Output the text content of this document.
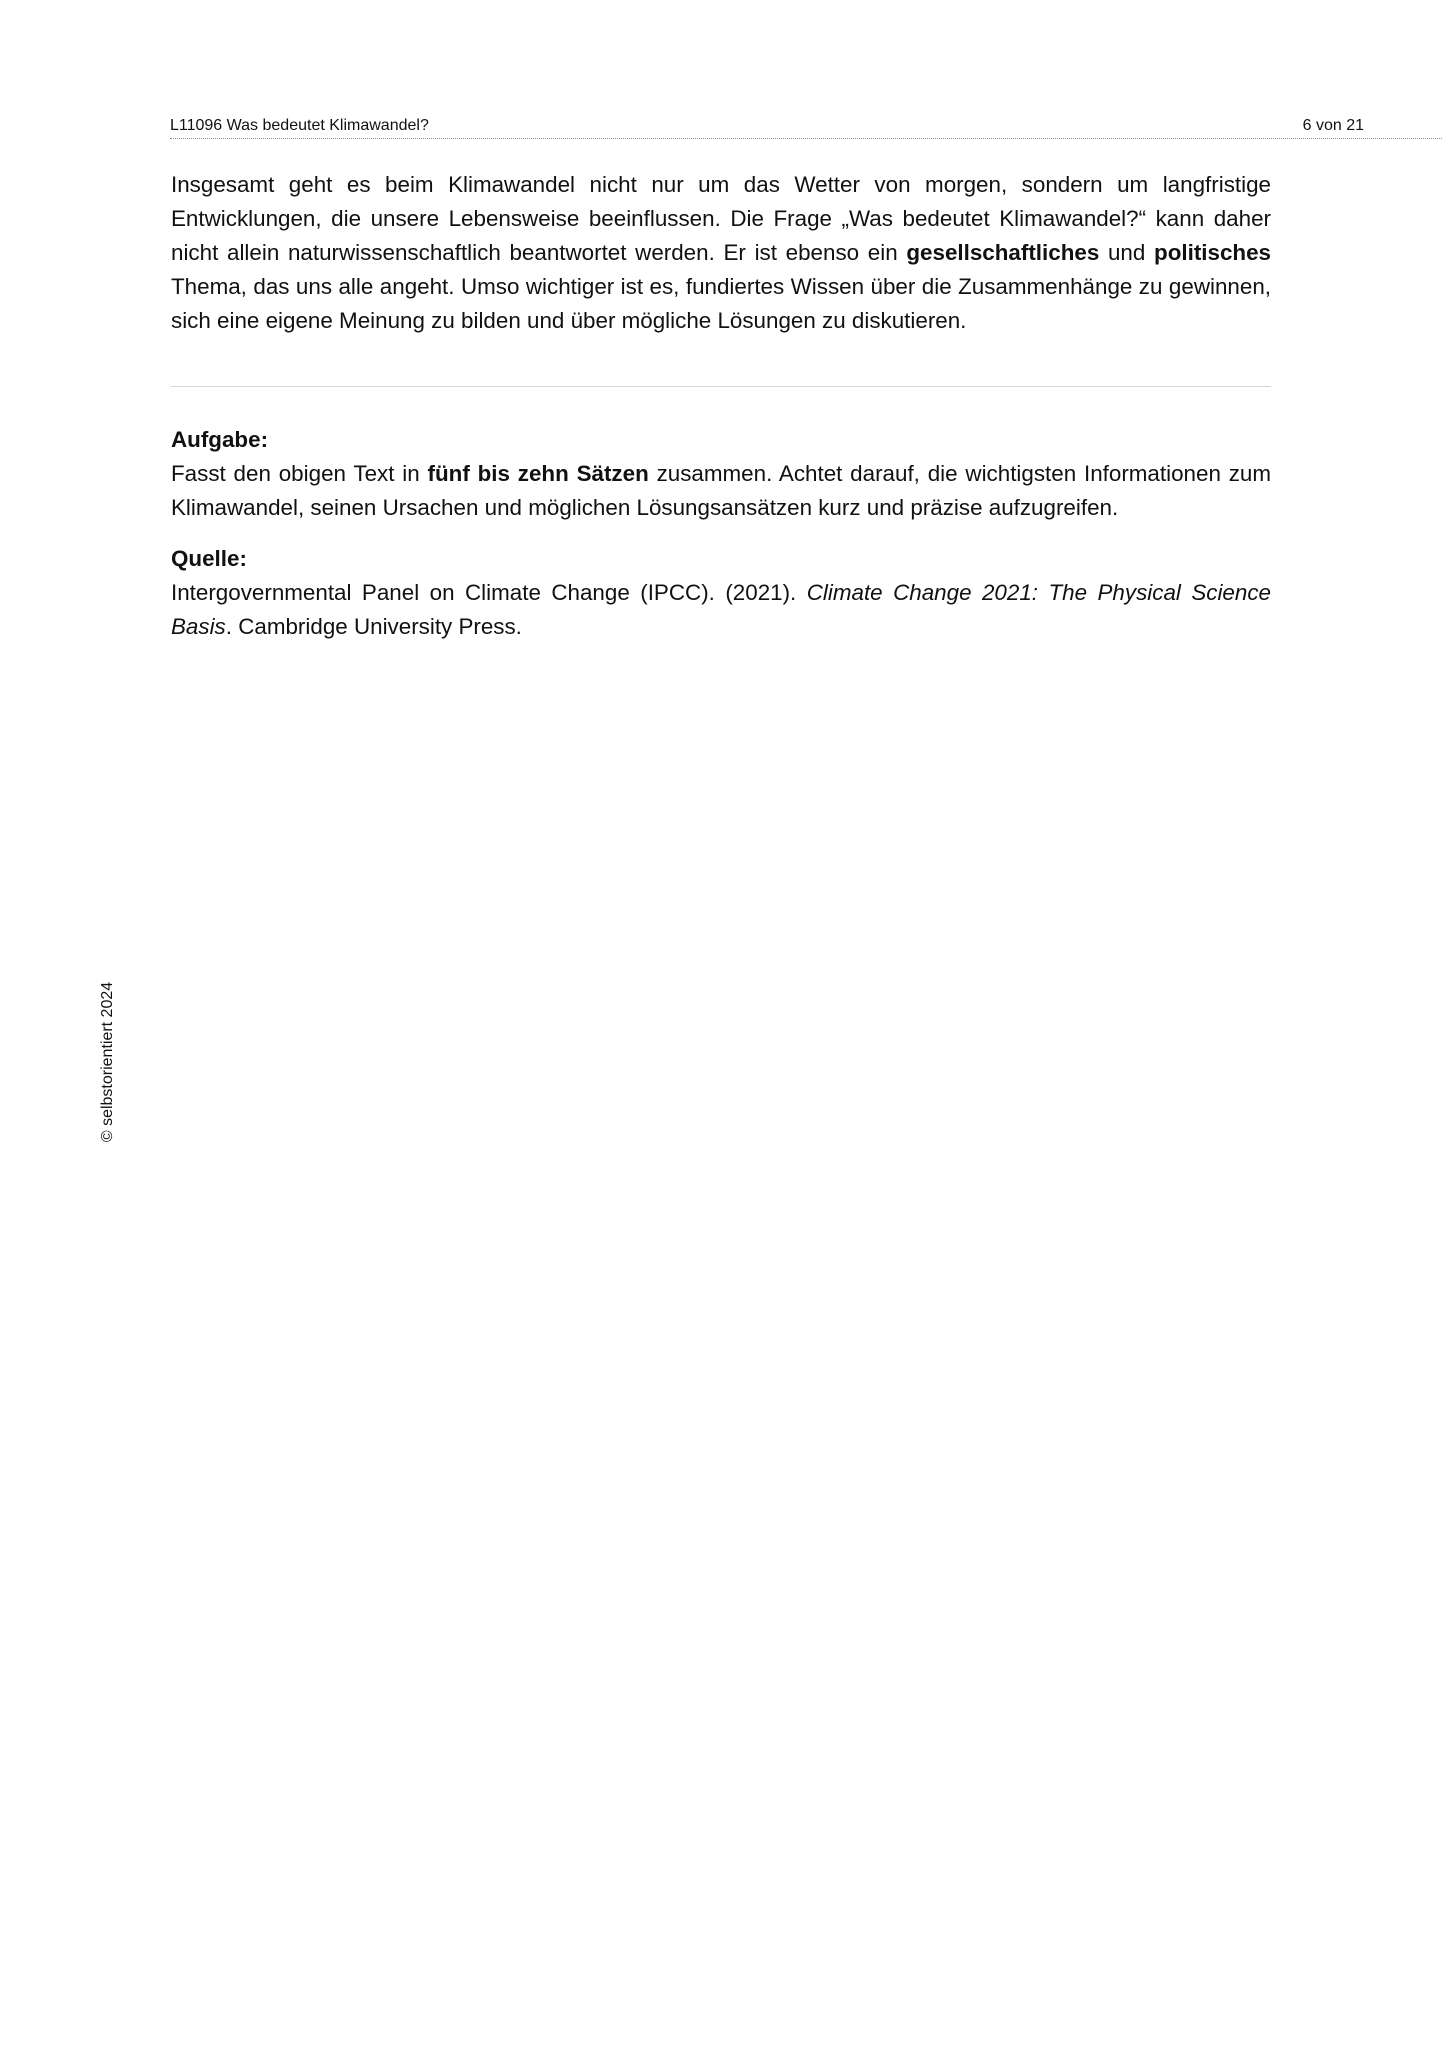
L11096 Was bedeutet Klimawandel?	6 von 21

Insgesamt geht es beim Klimawandel nicht nur um das Wetter von morgen, sondern um langfristige Entwicklungen, die unsere Lebensweise beeinflussen. Die Frage „Was bedeutet Klimawandel?“ kann daher nicht allein naturwissenschaftlich beantwortet werden. Er ist ebenso ein gesellschaftliches und politisches Thema, das uns alle angeht. Umso wichtiger ist es, fundiertes Wissen über die Zusammenhänge zu gewinnen, sich eine eigene Meinung zu bilden und über mögliche Lösungen zu diskutieren.

Aufgabe:

Fasst den obigen Text in fünf bis zehn Sätzen zusammen. Achtet darauf, die wichtigsten Informationen zum Klimawandel, seinen Ursachen und möglichen Lösungsansätzen kurz und präzise aufzugreifen.

Quelle:

Intergovernmental Panel on Climate Change (IPCC). (2021). Climate Change 2021: The Physical Science Basis. Cambridge University Press.

© selbstorientiert 2024
